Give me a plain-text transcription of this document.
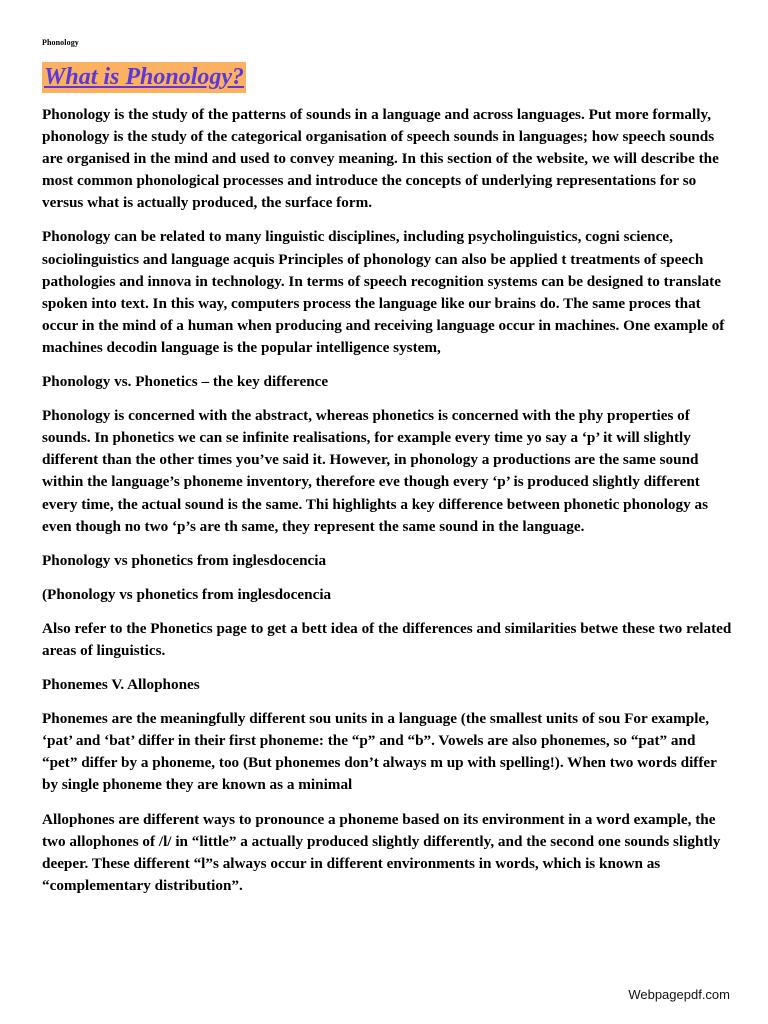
Phonology
What is Phonology?

Phonology is the study of the patterns of sounds in a language and across languages. Put more formally, phonology is the study of the categorical organisation of speech sounds in languages; how speech sounds are organised in the mind and used to convey meaning. In this section of the website, we will describe the most common phonological processes and introduce the concepts of underlying representations for so versus what is actually produced, the surface form.

Phonology can be related to many linguistic disciplines, including psycholinguistics, cogni science, sociolinguistics and language acquis Principles of phonology can also be applied t treatments of speech pathologies and innova in technology. In terms of speech recognition systems can be designed to translate spoken into text. In this way, computers process the language like our brains do. The same proces that occur in the mind of a human when producing and receiving language occur in machines. One example of machines decodin language is the popular intelligence system,

Phonology vs. Phonetics – the key difference

Phonology is concerned with the abstract, whereas phonetics is concerned with the phy properties of sounds. In phonetics we can se infinite realisations, for example every time yo say a ‘p’ it will slightly different than the other times you’ve said it. However, in phonology a productions are the same sound within the language’s phoneme inventory, therefore eve though every ‘p’ is produced slightly different every time, the actual sound is the same. Thi highlights a key difference between phonetic phonology as even though no two ‘p’s are th same, they represent the same sound in the language.

Phonology vs phonetics from inglesdocencia

(Phonology vs phonetics from inglesdocencia

Also refer to the Phonetics page to get a bett idea of the differences and similarities betwe these two related areas of linguistics.

Phonemes V. Allophones

Phonemes are the meaningfully different sou units in a language (the smallest units of sou For example, ‘pat’ and ‘bat’ differ in their first phoneme: the “p” and “b”. Vowels are also phonemes, so “pat” and “pet” differ by a phoneme, too (But phonemes don’t always m up with spelling!). When two words differ by single phoneme they are known as a minimal

Allophones are different ways to pronounce a phoneme based on its environment in a word example, the two allophones of /l/ in “little” a actually produced slightly differently, and the second one sounds slightly deeper. These different “l”s always occur in different environments in words, which is known as “complementary distribution”.

Webpagepdf.com
